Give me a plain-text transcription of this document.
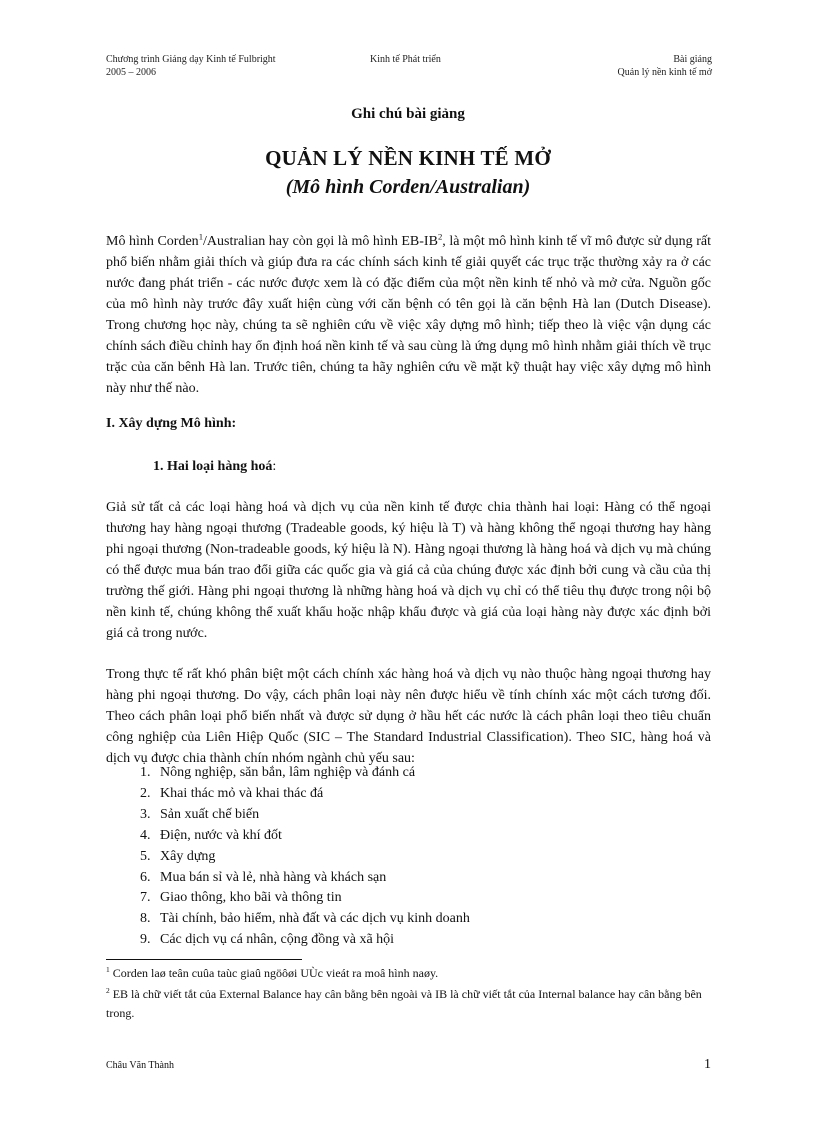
Chương trình Giảng dạy Kinh tế Fulbright
2005 – 2006
Kinh tế Phát triển	Bài giảng
Quản lý nền kinh tế mở
Ghi chú bài giảng
QUẢN LÝ NỀN KINH TẾ MỞ
(Mô hình Corden/Australian)
Mô hình Corden$^1$/Australian hay còn gọi là mô hình $EB-IB^2$, là một mô hình kinh tế vĩ mô được sử dụng rất phổ biến nhằm giải thích và giúp đưa ra các chính sách kinh tế giải quyết các trục trặc thường xảy ra ở các nước đang phát triển - các nước được xem là có đặc điểm của một nền kinh tế nhỏ và mở cửa. Nguồn gốc của mô hình này trước đây xuất hiện cùng với căn bệnh có tên gọi là căn bệnh Hà lan (Dutch Disease). Trong chương học này, chúng ta sẽ nghiên cứu về việc xây dựng mô hình; tiếp theo là việc vận dụng các chính sách điều chỉnh hay ổn định hoá nền kinh tế và sau cùng là ứng dụng mô hình nhằm giải thích về trục trặc của căn bênh Hà lan. Trước tiên, chúng ta hãy nghiên cứu về mặt kỹ thuật hay việc xây dựng mô hình này như thế nào.
I. Xây dựng Mô hình:
1. Hai loại hàng hoá:
Giả sử tất cả các loại hàng hoá và dịch vụ của nền kinh tế được chia thành hai loại: Hàng có thể ngoại thương hay hàng ngoại thương (Tradeable goods, ký hiệu là T) và hàng không thể ngoại thương hay hàng phi ngoại thương (Non-tradeable goods, ký hiệu là N). Hàng ngoại thương là hàng hoá và dịch vụ mà chúng có thể được mua bán trao đổi giữa các quốc gia và giá cả của chúng được xác định bởi cung và cầu của thị trường thế giới. Hàng phi ngoại thương là những hàng hoá và dịch vụ chỉ có thể tiêu thụ được trong nội bộ nền kinh tế, chúng không thể xuất khẩu hoặc nhập khẩu được và giá của loại hàng này được xác định bởi giá cả trong nước.
Trong thực tế rất khó phân biệt một cách chính xác hàng hoá và dịch vụ nào thuộc hàng ngoại thương hay hàng phi ngoại thương. Do vậy, cách phân loại này nên được hiểu về tính chính xác một cách tương đối. Theo cách phân loại phổ biến nhất và được sử dụng ở hầu hết các nước là cách phân loại theo tiêu chuẩn công nghiệp của Liên Hiệp Quốc (SIC – The Standard Industrial Classification). Theo SIC, hàng hoá và dịch vụ được chia thành chín nhóm ngành chủ yếu sau:
1. Nông nghiệp, săn bắn, lâm nghiệp và đánh cá
2. Khai thác mỏ và khai thác đá
3. Sản xuất chế biến
4. Điện, nước và khí đốt
5. Xây dựng
6. Mua bán sỉ và lẻ, nhà hàng và khách sạn
7. Giao thông, kho bãi và thông tin
8. Tài chính, bảo hiểm, nhà đất và các dịch vụ kinh doanh
9. Các dịch vụ cá nhân, cộng đồng và xã hội
$^1$ Corden laø teân cuûa taùc giaû ngöôøi UÙc vieát ra moâ hình naøy.
$^2$ EB là chữ viết tắt của External Balance hay cân bằng bên ngoài và IB là chữ viết tắt của Internal balance hay cân bằng bên trong.
Châu Văn Thành	1
